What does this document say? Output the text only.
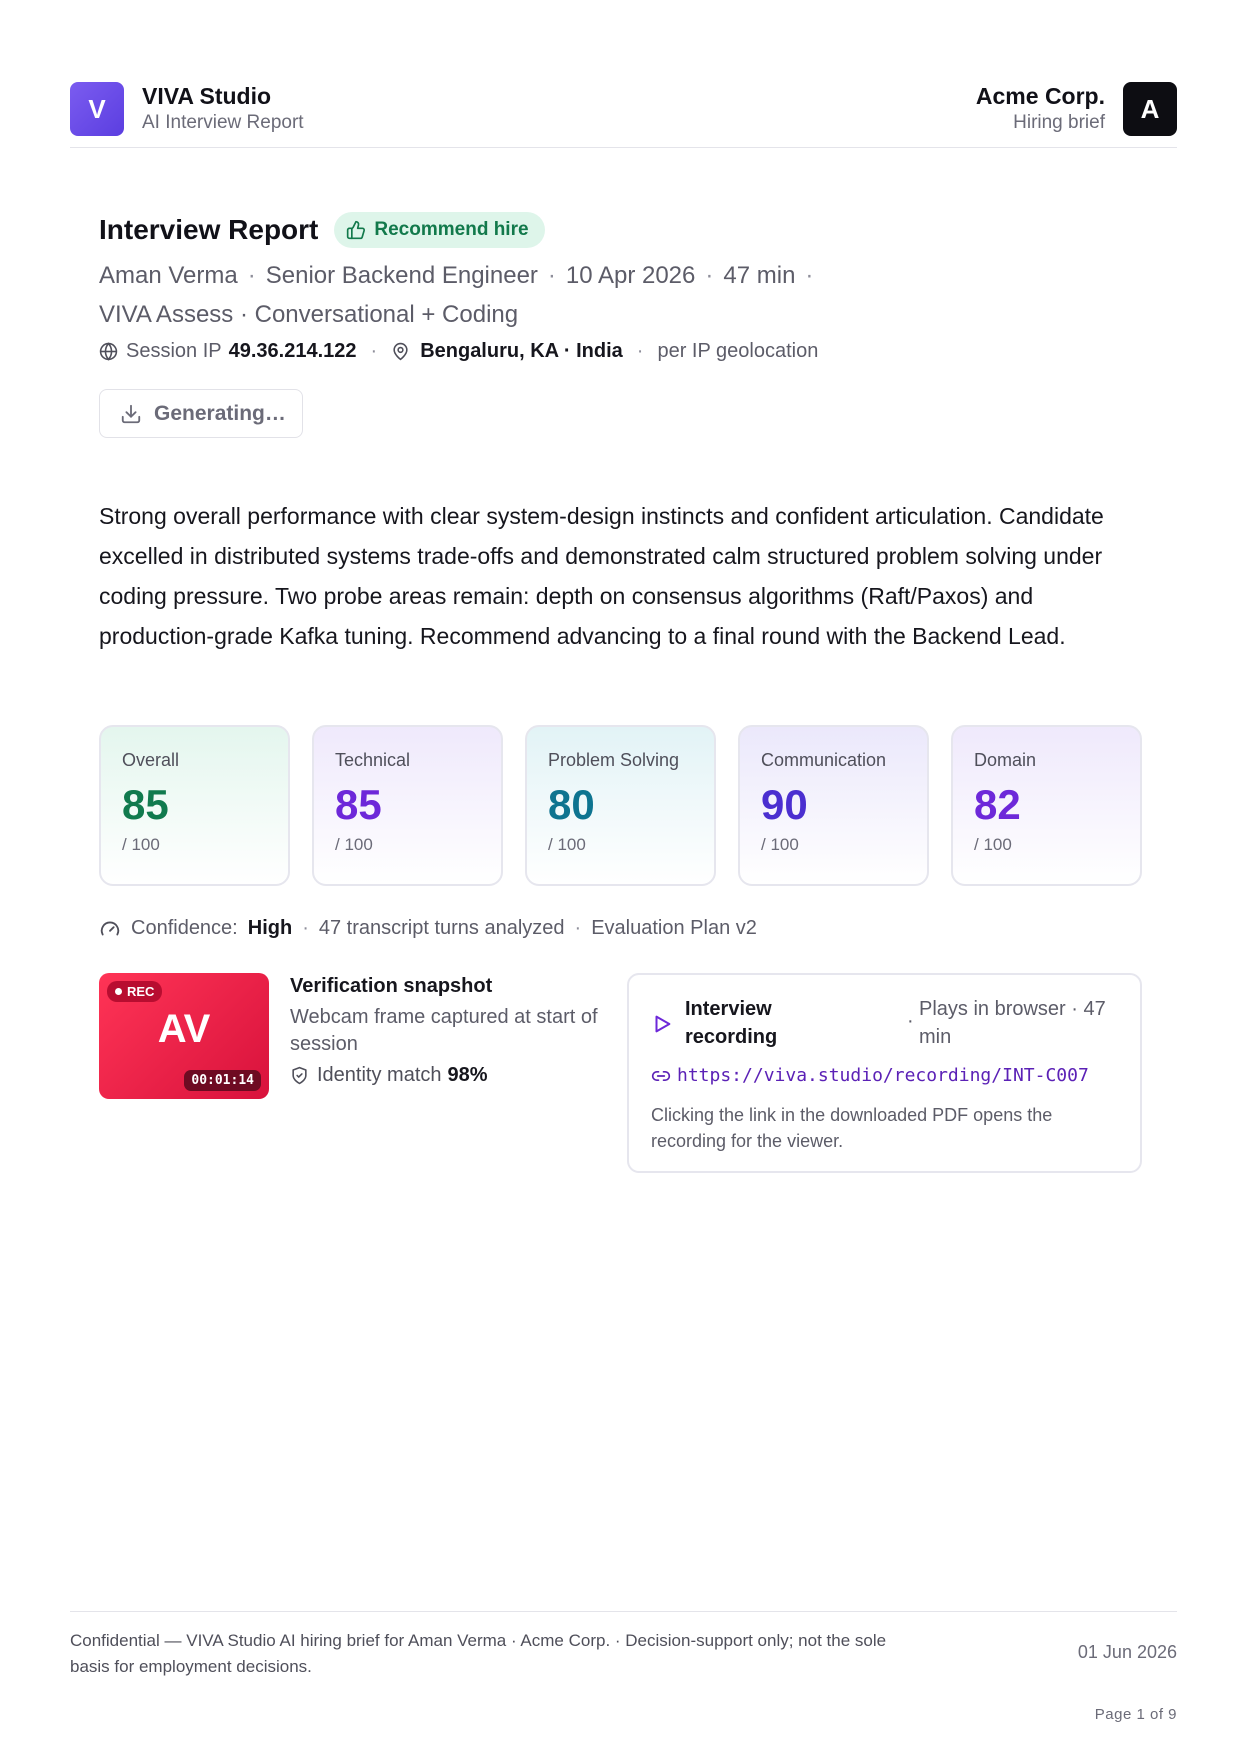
V	VIVA Studio
AI Interview Report
Acme Corp.
Hiring brief	A
Interview Report	Recommend hire
Aman Verma · Senior Backend Engineer · 10 Apr 2026 · 47 min ·
VIVA Assess · Conversational + Coding
Session IP 49.36.214.122 · Bengaluru, KA · India · per IP geolocation
Generating…
Strong overall performance with clear system-design instincts and confident articulation. Candidate excelled in distributed systems trade-offs and demonstrated calm structured problem solving under coding pressure. Two probe areas remain: depth on consensus algorithms (Raft/Paxos) and production-grade Kafka tuning. Recommend advancing to a final round with the Backend Lead.
Overall
85
/ 100
Technical
85
/ 100
Problem Solving
80
/ 100
Communication
90
/ 100
Domain
82
/ 100
Confidence: High · 47 transcript turns analyzed · Evaluation Plan v2
REC
AV
00:01:14
Verification snapshot
Webcam frame captured at start of session
Identity match 98%
Interview recording
·
Plays in browser · 47 min
https://viva.studio/recording/INT-C007
Clicking the link in the downloaded PDF opens the recording for the viewer.
Confidential — VIVA Studio AI hiring brief for Aman Verma · Acme Corp. · Decision-support only; not the sole basis for employment decisions.
01 Jun 2026
Page 1 of 9
